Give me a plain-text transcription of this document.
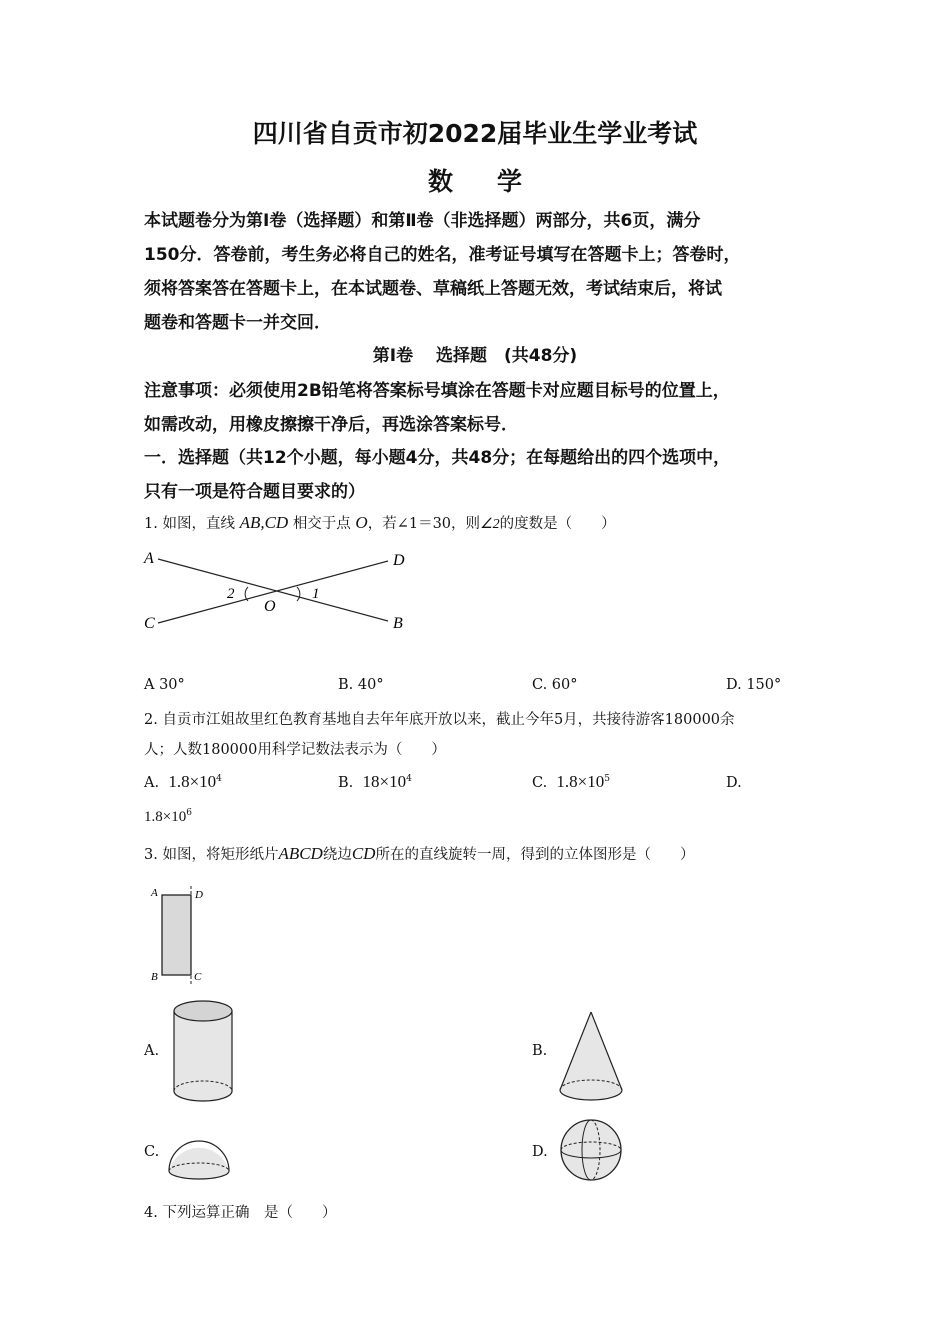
四川省自贡市初2022届毕业生学业考试
数学
本试题卷分为第Ⅰ卷（选择题）和第Ⅱ卷（非选择题）两部分，共6页，满分
150分．答卷前，考生务必将自己的姓名，准考证号填写在答题卡上；答卷时，
须将答案答在答题卡上，在本试题卷、草稿纸上答题无效，考试结束后，将试
题卷和答题卡一并交回．
第Ⅰ卷　 选择题　(共48分)
注意事项：必须使用2B铅笔将答案标号填涂在答题卡对应题目标号的位置上，
如需改动，用橡皮擦擦干净后，再选涂答案标号．
一．选择题（共12个小题，每小题4分，共48分；在每题给出的四个选项中，
只有一项是符合题目要求的）
1. 如图，直线 AB,CD 相交于点 O，若∠1＝30，则∠2的度数是（　　）
A	D
C	B
O
1
2
A 30°	B. 40°	C. 60°	D. 150°
2. 自贡市江姐故里红色教育基地自去年年底开放以来，截止今年5月，共接待游客180000余
人；人数180000用科学记数法表示为（　　）
A. $1.8\times 10^4$	B. $18\times 10^4$	C. $1.8\times 10^5$	D.
$1.8\times 10^6$
3. 如图，将矩形纸片ABCD绕边CD所在的直线旋转一周，得到的立体图形是（　　）
A	D
B	C
A.	B.
C.	D.
4. 下列运算正确　是（　　）
